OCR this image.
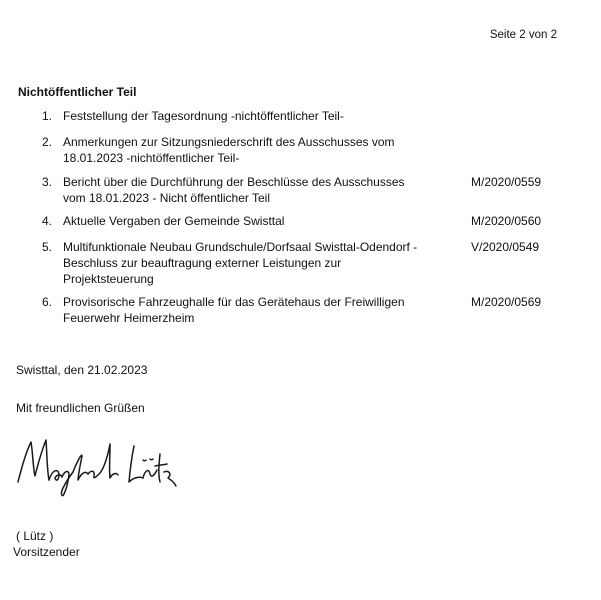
Seite 2 von 2
Nichtöffentlicher Teil
1. Feststellung der Tagesordnung -nichtöffentlicher Teil-
2. Anmerkungen zur Sitzungsniederschrift des Ausschusses vom
18.01.2023 -nichtöffentlicher Teil-
3. Bericht über die Durchführung der Beschlüsse des Ausschusses
vom 18.01.2023 - Nicht öffentlicher Teil
M/2020/0559
4. Aktuelle Vergaben der Gemeinde Swisttal	M/2020/0560
5. Multifunktionale Neubau Grundschule/Dorfsaal Swisttal-Odendorf -
Beschluss zur beauftragung externer Leistungen zur
Projektsteuerung
V/2020/0549
6. Provisorische Fahrzeughalle für das Gerätehaus der Freiwilligen
Feuerwehr Heimerzheim
M/2020/0569
Swisttal, den 21.02.2023
Mit freundlichen Grüßen
Manfred Lütz
( Lütz )
Vorsitzender
